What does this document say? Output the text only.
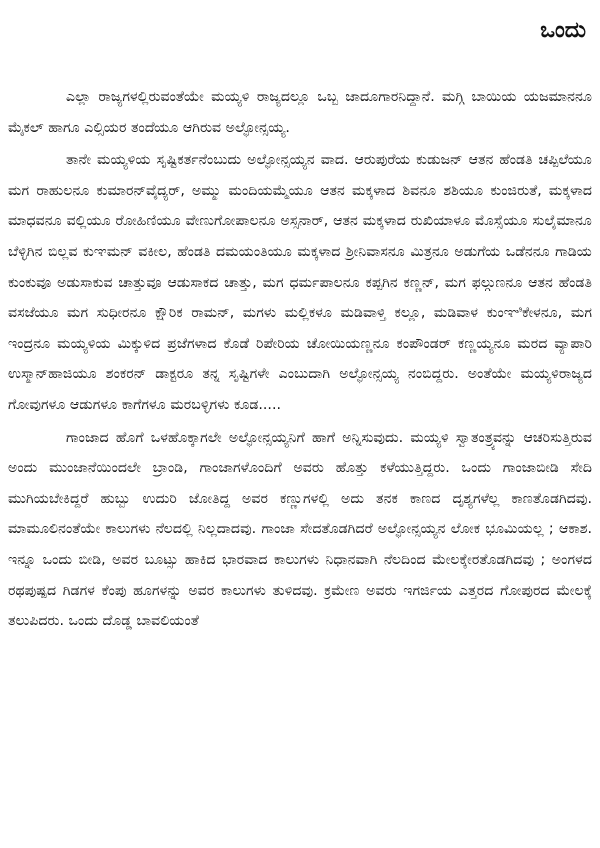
ಒಂದು

ಎಲ್ಲಾ ರಾಜ್ಯಗಳಲ್ಲಿರುವಂತೆಯೇ ಮಯ್ಯಳಿ ರಾಜ್ಯದಲ್ಲೂ ಒಬ್ಬ ಜಾದೂಗಾರನಿದ್ದಾನೆ. ಮಗ್ಗಿ ಬಾಯಿಯ ಯಜಮಾನನೂ ಮೈಕಲ್ ಹಾಗೂ ಎಲ್ಸಿಯರ ತಂದೆಯೂ ಆಗಿರುವ ಅಲ್ಫೋನ್ಸಯ್ಯ.

ತಾನೇ ಮಯ್ಯಳಿಯ ಸೃಷ್ಟಿಕರ್ತನೆಂಬುದು ಅಲ್ಫೋನ್ಸಯ್ಯನ ವಾದ. ಆರುಪುರೆಯ ಕುಡುಜನ್ ಆತನ ಹೆಂಡತಿ ಚಪ್ಪಿಲೆಯೂ ಮಗ ರಾಹುಲನೂ ಕುಮಾರನ್‌ವೈದ್ಯರ್, ಅಮ್ಮು ಮಂದಿಯಮ್ಮೆಯೂ ಆತನ ಮಕ್ಕಳಾದ ಶಿವನೂ ಶಶಿಯೂ ಕುಂಜಿರುತೆ, ಮಕ್ಕಳಾದ ಮಾಧವನೂ ವಲ್ಲಿಯೂ ರೋಹಿಣಿಯೂ ವೇಣುಗೋಪಾಲನೂ ಅಸ್ಸನಾರ್, ಆತನ ಮಕ್ಕಳಾದ ರುಖಿಯಾಳೂ ಮೊಸ್ಸೆಯೂ ಸುಲೈಮಾನೂ ಬೆಳ್ಳಿಗಿನ ಬಿಲ್ಲವ ಕುಞಮನ್ ವಕೀಲ, ಹೆಂಡತಿ ದಮಯಂತಿಯೂ ಮಕ್ಕಳಾದ ಶ್ರೀನಿವಾಸನೂ ಮಿತ್ರನೂ ಅಡುಗೆಯ ಒಡೆನನೂ ಗಾಡಿಯ ಕುಂಕುವೂ ಅಡುಸಾಕುವ ಚಾತ್ತುವೂ ಆಡುಸಾಕದ ಚಾತ್ತು, ಮಗ ಧರ್ಮಪಾಲನೂ ಕಪ್ಪಗಿನ ಕಣ್ಣನ್, ಮಗ ಫಲ್ಗುಣನೂ ಆತನ ಹೆಂಡತಿ ವಸಜೆಯೂ ಮಗ ಸುಧೀರನೂ ಕ್ಷೌರಿಕ ರಾಮನ್, ಮಗಳು ಮಲ್ಲಿಕಳೂ ಮಡಿವಾಳ್ತಿ ಕಲ್ಲೂ, ಮಡಿವಾಳ ಕುಂಞಿಕೇಳನೂ, ಮಗ ಇಂದ್ರನೂ ಮಯ್ಯಳಿಯ ಮಿಕ್ಕುಳಿದ ಪ್ರಜೆಗಳಾದ ಕೊಡೆ ರಿಪೇರಿಯ ಚೋಯಿಯಣ್ಣನೂ ಕಂಪೌಂಡರ್ ಕಣ್ಣಯ್ಯನೂ ಮರದ ವ್ಯಾಪಾರಿ ಉಸ್ಮಾನ್‌ಹಾಜಿಯೂ ಶಂಕರನ್ ಡಾಕ್ಟರೂ ತನ್ನ ಸೃಷ್ಟಿಗಳೇ ಎಂಬುದಾಗಿ ಅಲ್ಫೋನ್ಸಯ್ಯ ನಂಬಿದ್ದರು. ಅಂತೆಯೇ ಮಯ್ಯಳಿರಾಜ್ಯದ ಗೋವುಗಳೂ ಆಡುಗಳೂ ಕಾಗೆಗಳೂ ಮರಬಳ್ಳಿಗಳು ಕೂಡ.....

ಗಾಂಜಾದ ಹೊಗೆ ಒಳಹೊಕ್ಕಾಗಲೇ ಅಲ್ಫೋನ್ಸಯ್ಯನಿಗೆ ಹಾಗೆ ಅನ್ನಿಸುವುದು. ಮಯ್ಯಳಿ ಸ್ವಾತಂತ್ರ್ಯವನ್ನು ಆಚರಿಸುತ್ತಿರುವ ಅಂದು ಮುಂಜಾನೆಯಿಂದಲೇ ಬ್ರಾಂಡಿ, ಗಾಂಜಾಗಳೊಂದಿಗೆ ಅವರು ಹೊತ್ತು ಕಳೆಯುತ್ತಿದ್ದರು. ಒಂದು ಗಾಂಜಾಬೀಡಿ ಸೇದಿ ಮುಗಿಯಬೇಕಿದ್ದರೆ ಹುಬ್ಬು ಉದುರಿ ಜೋತಿದ್ದ ಅವರ ಕಣ್ಣುಗಳಲ್ಲಿ ಅದು ತನಕ ಕಾಣದ ದೃಶ್ಯಗಳೆಲ್ಲ ಕಾಣತೊಡಗಿದವು. ಮಾಮೂಲಿನಂತೆಯೇ ಕಾಲುಗಳು ನೆಲದಲ್ಲಿ ನಿಲ್ಲದಾದವು. ಗಾಂಜಾ ಸೇದತೊಡಗಿದರೆ ಅಲ್ಫೋನ್ಸಯ್ಯನ ಲೋಕ ಭೂಮಿಯಲ್ಲ ; ಆಕಾಶ. ಇನ್ನೂ ಒಂದು ಬೀಡಿ, ಅವರ ಬೂಟ್ಸು ಹಾಕಿದ ಭಾರವಾದ ಕಾಲುಗಳು ನಿಧಾನವಾಗಿ ನೆಲದಿಂದ ಮೇಲಕ್ಕೇರತೊಡಗಿದವು ; ಅಂಗಳದ ರಥಪುಷ್ಪದ ಗಿಡಗಳ ಕೆಂಪು ಹೂಗಳನ್ನು ಅವರ ಕಾಲುಗಳು ತುಳಿದವು. ಕ್ರಮೇಣ ಅವರು ಇಗರ್ಜಿಯ ಎತ್ತರದ ಗೋಪುರದ ಮೇಲಕ್ಕೆ ತಲುಪಿದರು. ಒಂದು ದೊಡ್ಡ ಬಾವಲಿಯಂತೆ
